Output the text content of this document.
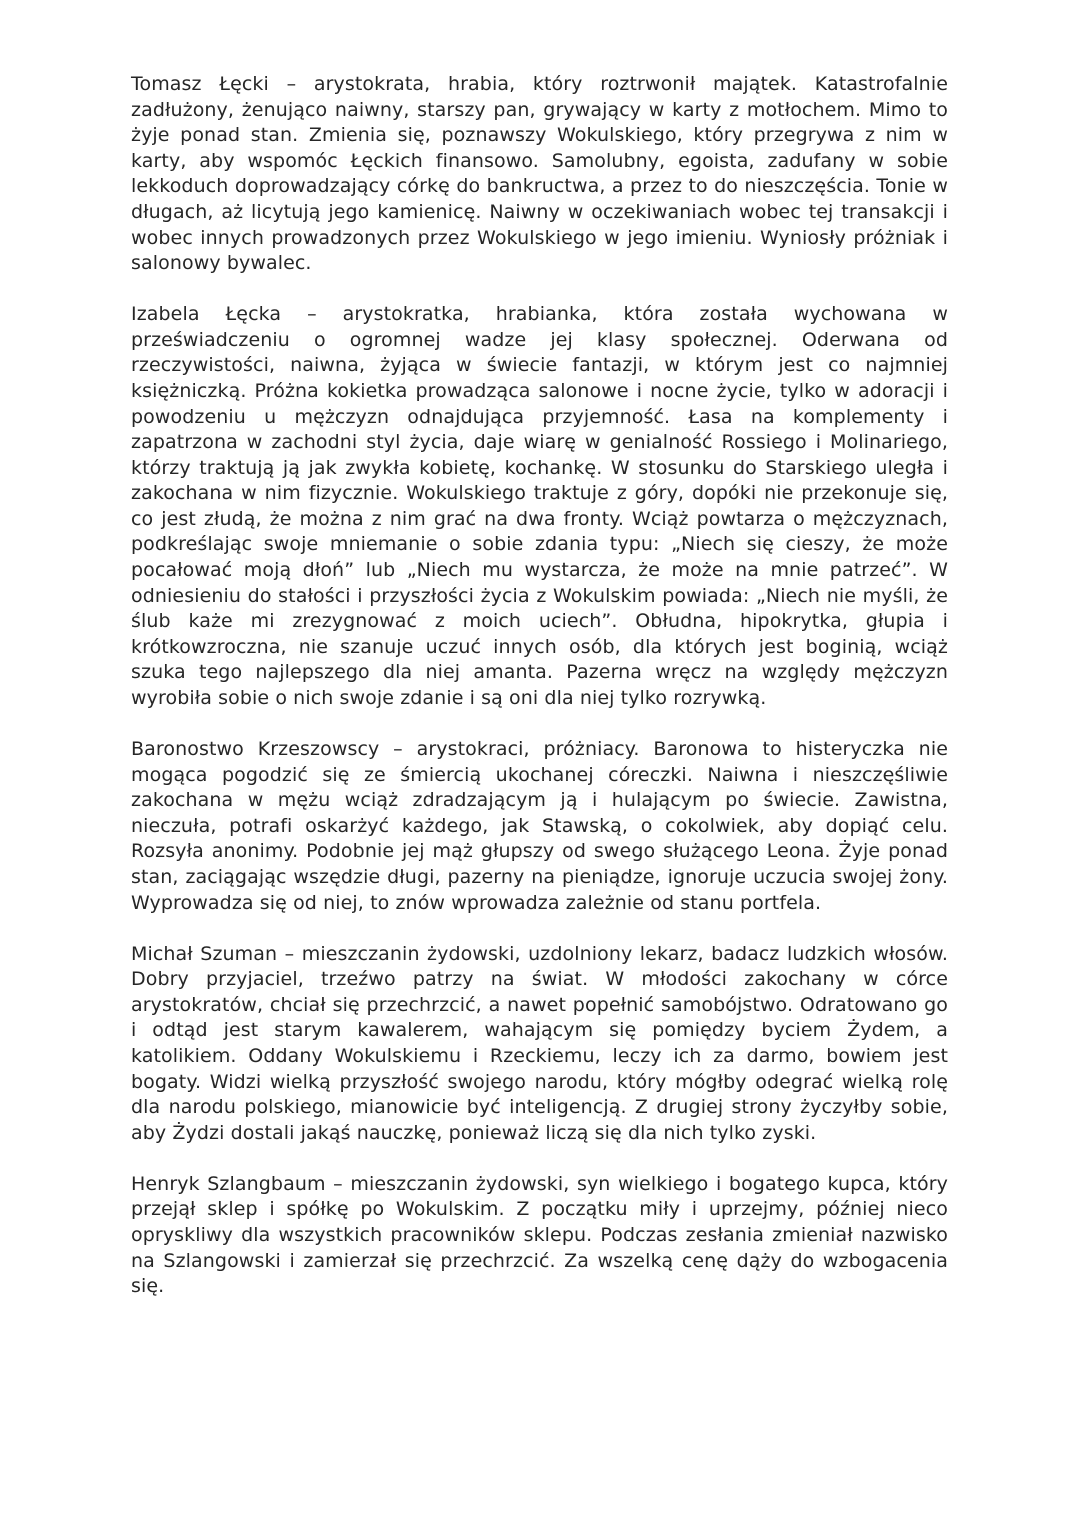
Tomasz Łęcki – arystokrata, hrabia, który roztrwonił majątek. Katastrofalnie zadłużony, żenująco naiwny, starszy pan, grywający w karty z motłochem. Mimo to żyje ponad stan. Zmienia się, poznawszy Wokulskiego, który przegrywa z nim w karty, aby wspomóc Łęckich finansowo. Samolubny, egoista, zadufany w sobie lekkoduch doprowadzający córkę do bankructwa, a przez to do nieszczęścia. Tonie w długach, aż licytują jego kamienicę. Naiwny w oczekiwaniach wobec tej transakcji i wobec innych prowadzonych przez Wokulskiego w jego imieniu. Wyniosły próżniak i salonowy bywalec.

Izabela Łęcka – arystokratka, hrabianka, która została wychowana w przeświadczeniu o ogromnej wadze jej klasy społecznej. Oderwana od rzeczywistości, naiwna, żyjąca w świecie fantazji, w którym jest co najmniej księżniczką. Próżna kokietka prowadząca salonowe i nocne życie, tylko w adoracji i powodzeniu u mężczyzn odnajdująca przyjemność. Łasa na komplementy i zapatrzona w zachodni styl życia, daje wiarę w genialność Rossiego i Molinariego, którzy traktują ją jak zwykła kobietę, kochankę. W stosunku do Starskiego uległa i zakochana w nim fizycznie. Wokulskiego traktuje z góry, dopóki nie przekonuje się, co jest złudą, że można z nim grać na dwa fronty. Wciąż powtarza o mężczyznach, podkreślając swoje mniemanie o sobie zdania typu: „Niech się cieszy, że może pocałować moją dłoń” lub „Niech mu wystarcza, że może na mnie patrzeć”. W odniesieniu do stałości i przyszłości życia z Wokulskim powiada: „Niech nie myśli, że ślub każe mi zrezygnować z moich uciech”. Obłudna, hipokrytka, głupia i krótkowzroczna, nie szanuje uczuć innych osób, dla których jest boginią, wciąż szuka tego najlepszego dla niej amanta. Pazerna wręcz na względy mężczyzn wyrobiła sobie o nich swoje zdanie i są oni dla niej tylko rozrywką.

Baronostwo Krzeszowscy – arystokraci, próżniacy. Baronowa to histeryczka nie mogąca pogodzić się ze śmiercią ukochanej córeczki. Naiwna i nieszczęśliwie zakochana w mężu wciąż zdradzającym ją i hulającym po świecie. Zawistna, nieczuła, potrafi oskarżyć każdego, jak Stawską, o cokolwiek, aby dopiąć celu. Rozsyła anonimy. Podobnie jej mąż głupszy od swego służącego Leona. Żyje ponad stan, zaciągając wszędzie długi, pazerny na pieniądze, ignoruje uczucia swojej żony. Wyprowadza się od niej, to znów wprowadza zależnie od stanu portfela.

Michał Szuman – mieszczanin żydowski, uzdolniony lekarz, badacz ludzkich włosów. Dobry przyjaciel, trzeźwo patrzy na świat. W młodości zakochany w córce arystokratów, chciał się przechrzcić, a nawet popełnić samobójstwo. Odratowano go i odtąd jest starym kawalerem, wahającym się pomiędzy byciem Żydem, a katolikiem. Oddany Wokulskiemu i Rzeckiemu, leczy ich za darmo, bowiem jest bogaty. Widzi wielką przyszłość swojego narodu, który mógłby odegrać wielką rolę dla narodu polskiego, mianowicie być inteligencją. Z drugiej strony życzyłby sobie, aby Żydzi dostali jakąś nauczkę, ponieważ liczą się dla nich tylko zyski.

Henryk Szlangbaum – mieszczanin żydowski, syn wielkiego i bogatego kupca, który przejął sklep i spółkę po Wokulskim. Z początku miły i uprzejmy, później nieco opryskliwy dla wszystkich pracowników sklepu. Podczas zesłania zmieniał nazwisko na Szlangowski i zamierzał się przechrzcić. Za wszelką cenę dąży do wzbogacenia się.
